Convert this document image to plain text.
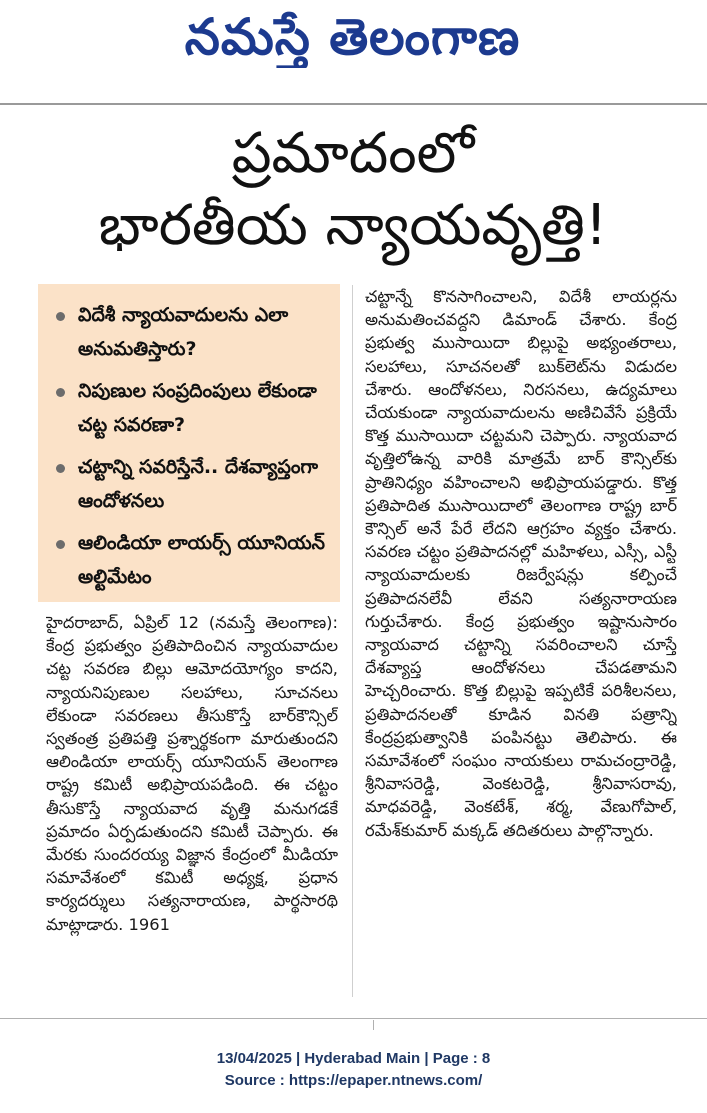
నమస్తే తెలంగాణ
ప్రమాదంలో
భారతీయ న్యాయవృత్తి!
విదేశీ న్యాయవాదులను ఎలా అనుమతిస్తారు?
నిపుణుల సంప్రదింపులు లేకుండా చట్ట సవరణా?
చట్టాన్ని సవరిస్తేనే.. దేశవ్యాప్తంగా ఆందోళనలు
ఆలిండియా లాయర్స్ యూనియన్ అల్టిమేటం
హైదరాబాద్, ఏప్రిల్ 12 (నమస్తే తెలంగాణ): కేంద్ర ప్రభుత్వం ప్రతిపాదించిన న్యాయవాదుల చట్ట సవరణ బిల్లు ఆమోదయోగ్యం కాదని, న్యాయనిపుణుల సలహాలు, సూచనలు లేకుండా సవరణలు తీసుకొస్తే బార్‌కౌన్సిల్ స్వతంత్ర ప్రతిపత్తి ప్రశ్నార్థకంగా మారుతుందని ఆలిండియా లాయర్స్ యూనియన్ తెలంగాణ రాష్ట్ర కమిటీ అభిప్రాయపడింది. ఈ చట్టం తీసుకొస్తే న్యాయవాద వృత్తి మనుగడకే ప్రమాదం ఏర్పడుతుందని కమిటీ చెప్పారు. ఈ మేరకు సుందరయ్య విజ్ఞాన కేంద్రంలో మీడియా సమావేశంలో కమిటీ అధ్యక్ష, ప్రధాన కార్యదర్శులు సత్యనారాయణ, పార్థసారథి మాట్లాడారు. 1961
చట్టాన్నే కొనసాగించాలని, విదేశీ లాయర్లను అనుమతించవద్దని డిమాండ్ చేశారు. కేంద్ర ప్రభుత్వ ముసాయిదా బిల్లుపై అభ్యంతరాలు, సలహాలు, సూచనలతో బుక్‌లెట్‌ను విడుదల చేశారు. ఆందోళనలు, నిరసనలు, ఉద్యమాలు చేయకుండా న్యాయవాదులను అణిచివేసే ప్రక్రియే కొత్త ముసాయిదా చట్టమని చెప్పారు. న్యాయవాద వృత్తిలోఉన్న వారికి మాత్రమే బార్ కౌన్సిల్‌కు ప్రాతినిధ్యం వహించాలని అభిప్రాయపడ్డారు. కొత్త ప్రతిపాదిత ముసాయిదాలో తెలంగాణ రాష్ట్ర బార్ కౌన్సిల్ అనే పేరే లేదని ఆగ్రహం వ్యక్తం చేశారు. సవరణ చట్టం ప్రతిపాదనల్లో మహిళలు, ఎస్సీ, ఎస్టీ న్యాయవాదులకు రిజర్వేషన్లు కల్పించే ప్రతిపాదనలేవీ లేవని సత్యనారాయణ గుర్తుచేశారు. కేంద్ర ప్రభుత్వం ఇష్టానుసారం న్యాయవాద చట్టాన్ని సవరించాలని చూస్తే దేశవ్యాప్త ఆందోళనలు చేపడతామని హెచ్చరించారు. కొత్త బిల్లుపై ఇప్పటికే పరిశీలనలు, ప్రతిపాదనలతో కూడిన వినతి పత్రాన్ని కేంద్రప్రభుత్వానికి పంపినట్టు తెలిపారు. ఈ సమావేశంలో సంఘం నాయకులు రామచంద్రారెడ్డి, శ్రీనివాసరెడ్డి, వెంకటరెడ్డి, శ్రీనివాసరావు, మాధవరెడ్డి, వెంకటేశ్, శర్మ, వేణుగోపాల్, రమేశ్‌కుమార్ మక్కడ్ తదితరులు పాల్గొన్నారు.
13/04/2025 | Hyderabad Main | Page : 8
Source : https://epaper.ntnews.com/
